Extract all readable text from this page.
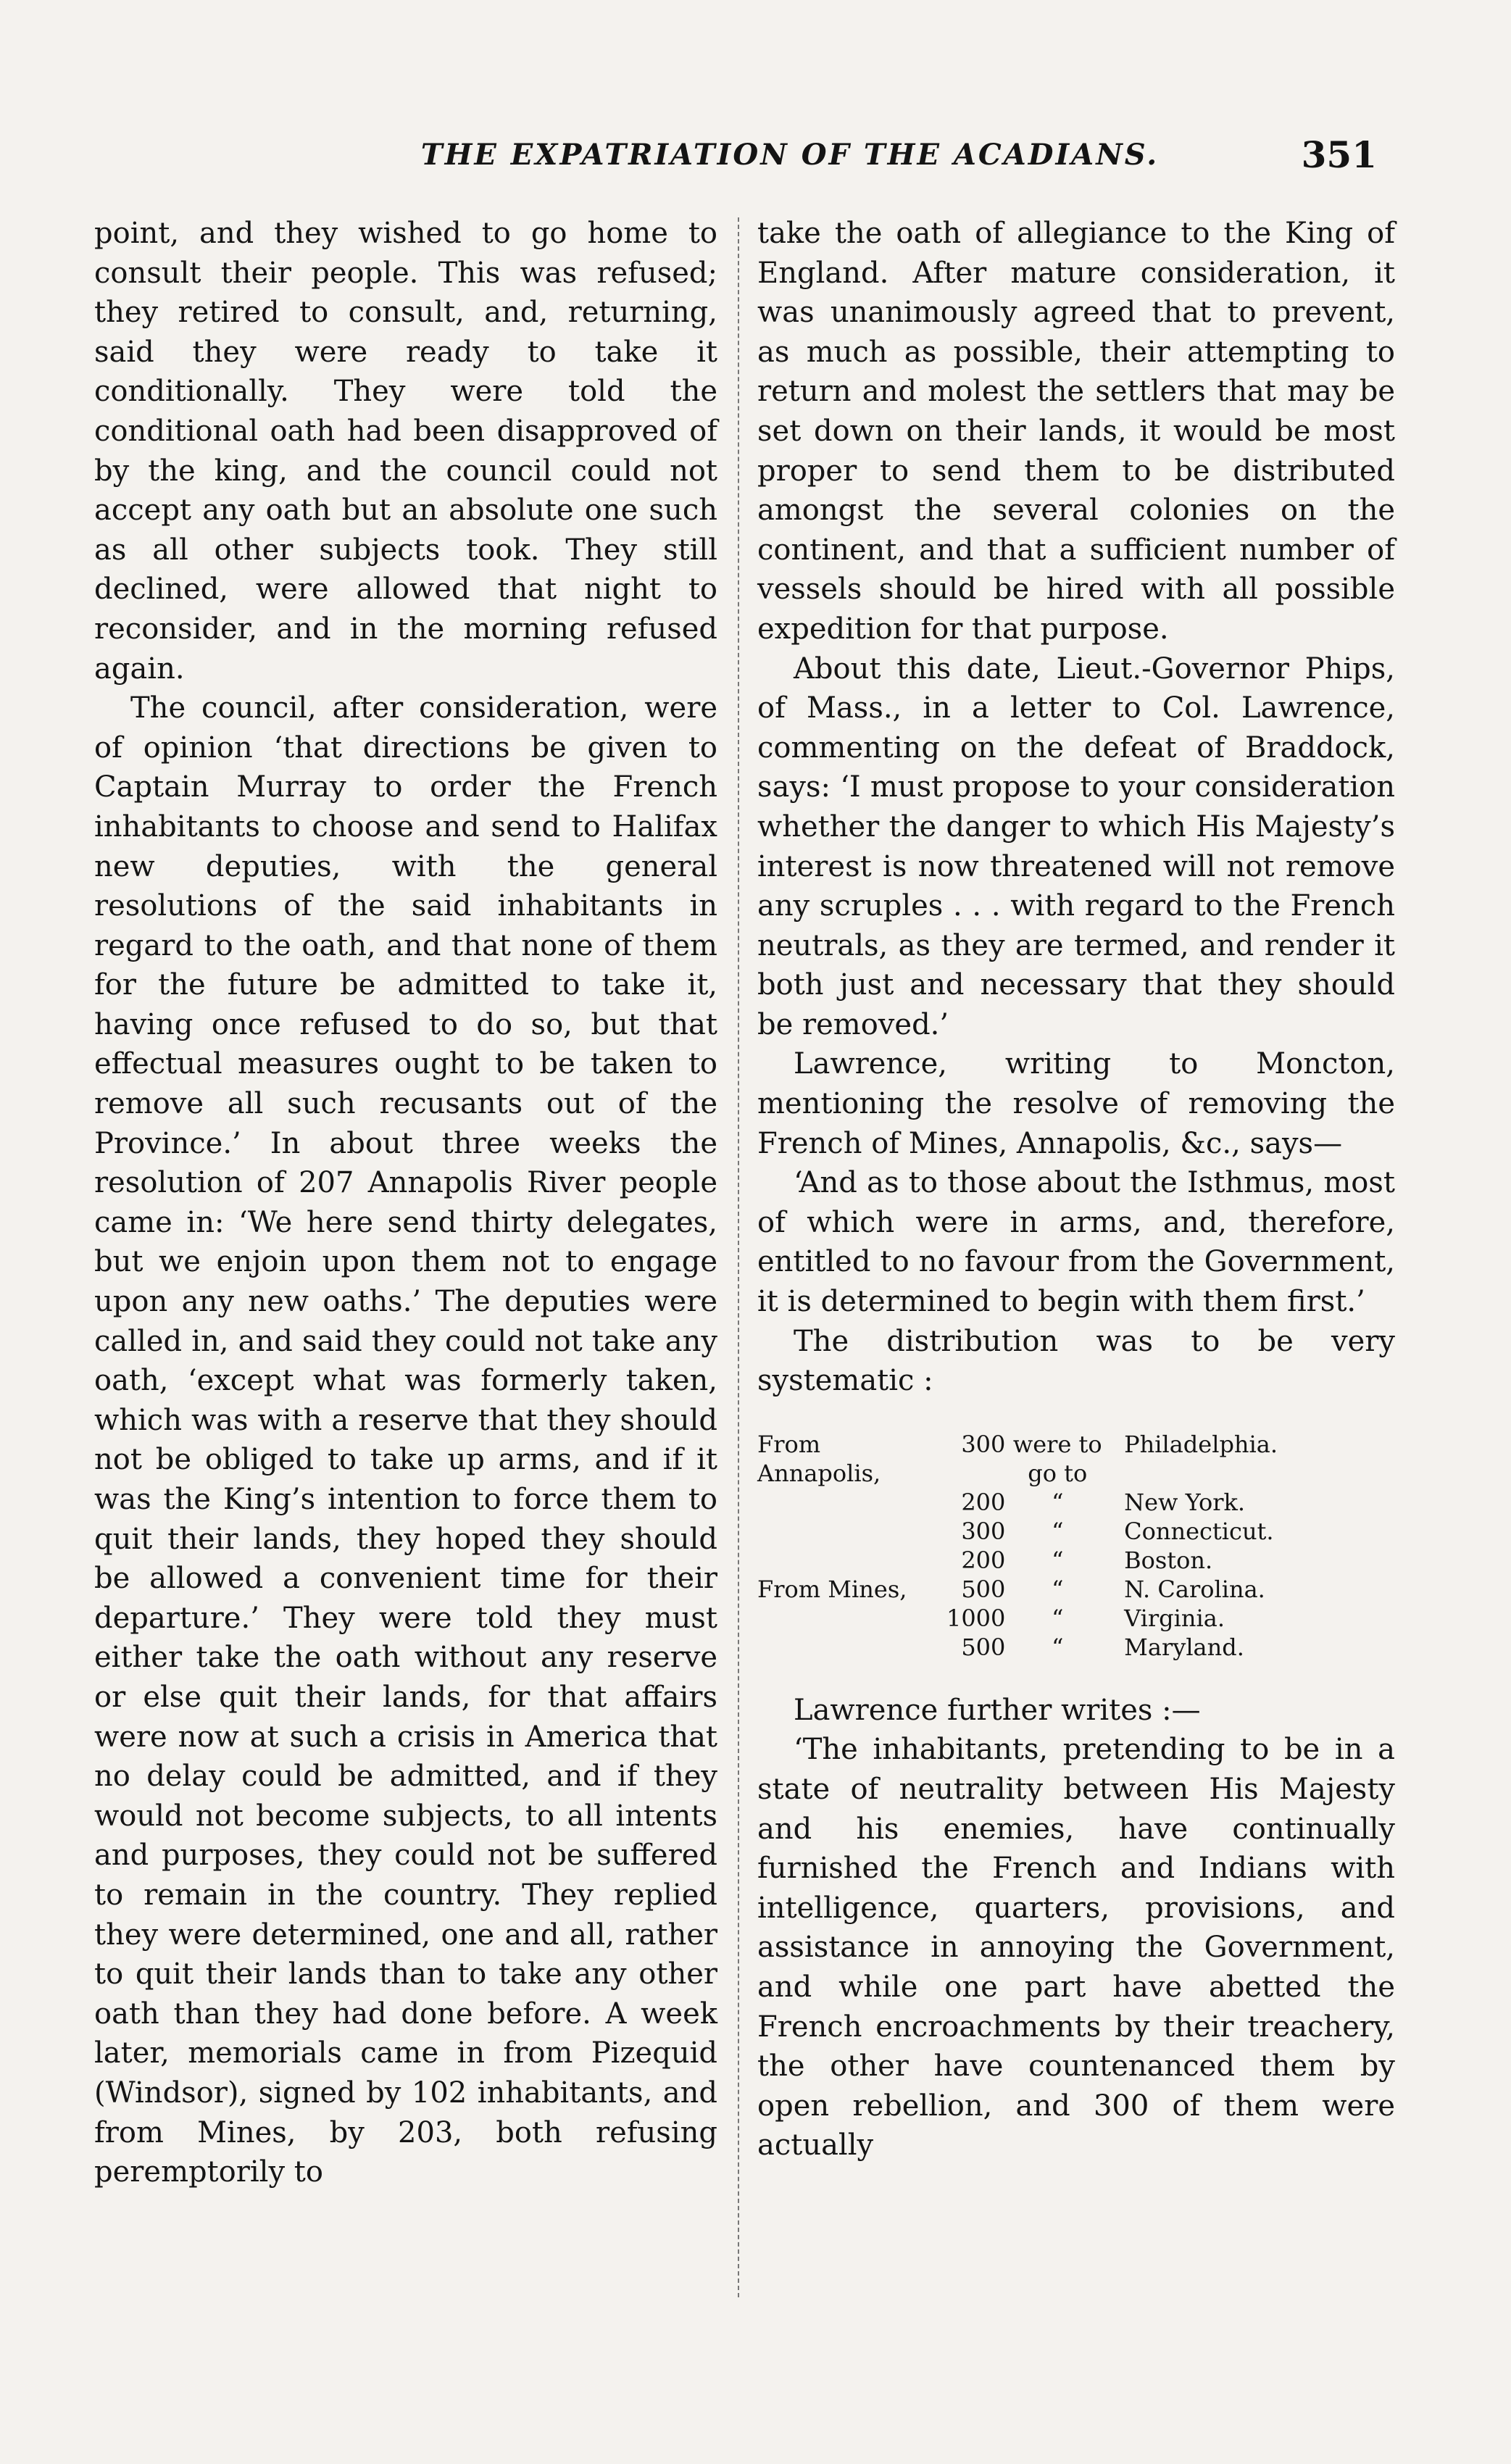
THE EXPATRIATION OF THE ACADIANS.	351

point, and they wished to go home to consult their people. This was refused; they retired to consult, and, returning, said they were ready to take it conditionally. They were told the conditional oath had been disapproved of by the king, and the council could not accept any oath but an absolute one such as all other subjects took. They still declined, were allowed that night to reconsider, and in the morning refused again.

The council, after consideration, were of opinion ‘that directions be given to Captain Murray to order the French inhabitants to choose and send to Halifax new deputies, with the general resolutions of the said inhabitants in regard to the oath, and that none of them for the future be admitted to take it, having once refused to do so, but that effectual measures ought to be taken to remove all such recusants out of the Province.’ In about three weeks the resolution of 207 Annapolis River people came in: ‘We here send thirty delegates, but we enjoin upon them not to engage upon any new oaths.’ The deputies were called in, and said they could not take any oath, ‘except what was formerly taken, which was with a reserve that they should not be obliged to take up arms, and if it was the King’s intention to force them to quit their lands, they hoped they should be allowed a convenient time for their departure.’ They were told they must either take the oath without any reserve or else quit their lands, for that affairs were now at such a crisis in America that no delay could be admitted, and if they would not become subjects, to all intents and purposes, they could not be suffered to remain in the country. They replied they were determined, one and all, rather to quit their lands than to take any other oath than they had done before. A week later, memorials came in from Pizequid (Windsor), signed by 102 inhabitants, and from Mines, by 203, both refusing peremptorily to

take the oath of allegiance to the King of England. After mature consideration, it was unanimously agreed that to prevent, as much as possible, their attempting to return and molest the settlers that may be set down on their lands, it would be most proper to send them to be distributed amongst the several colonies on the continent, and that a sufficient number of vessels should be hired with all possible expedition for that purpose.

About this date, Lieut.-Governor Phips, of Mass., in a letter to Col. Lawrence, commenting on the defeat of Braddock, says: ‘I must propose to your consideration whether the danger to which His Majesty’s interest is now threatened will not remove any scruples . . . with regard to the French neutrals, as they are termed, and render it both just and necessary that they should be removed.’

Lawrence, writing to Moncton, mentioning the resolve of removing the French of Mines, Annapolis, &c., says—

‘And as to those about the Isthmus, most of which were in arms, and, therefore, entitled to no favour from the Government, it is determined to begin with them first.’

The distribution was to be very systematic :

From Annapolis,	300	were to go to	Philadelphia.
	200	“	New York.
	300	“	Connecticut.
	200	“	Boston.
From Mines,	500	“	N. Carolina.
	1000	“	Virginia.
	500	“	Maryland.

Lawrence further writes :—

‘The inhabitants, pretending to be in a state of neutrality between His Majesty and his enemies, have continually furnished the French and Indians with intelligence, quarters, provisions, and assistance in annoying the Government, and while one part have abetted the French encroachments by their treachery, the other have countenanced them by open rebellion, and 300 of them were actually
